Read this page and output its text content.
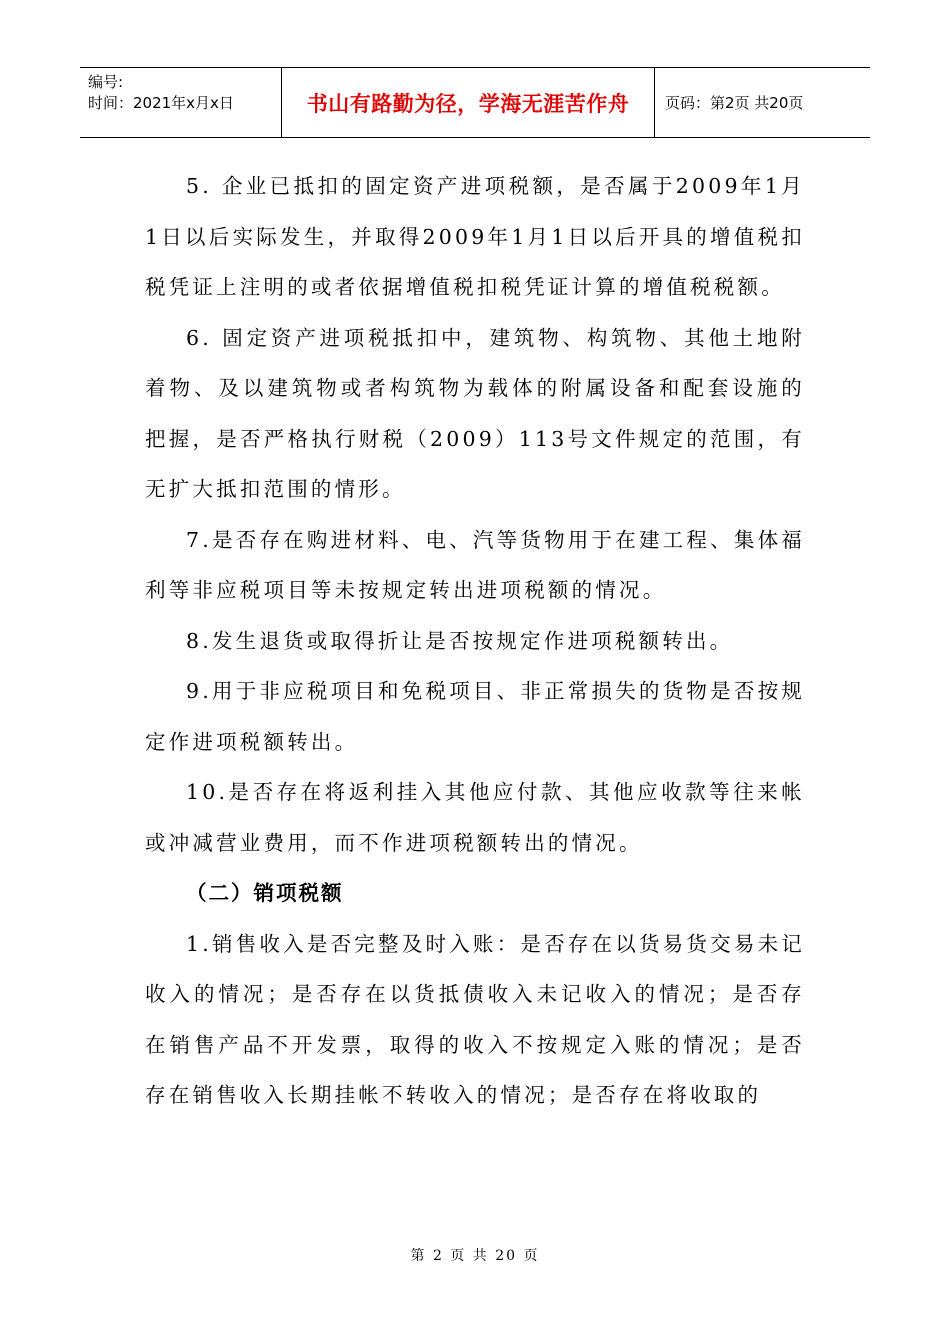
编号:
时间：2021年x月x日	书山有路勤为径，学海无涯苦作舟	页码：第2页 共20页

5. 企业已抵扣的固定资产进项税额，是否属于2009年1月1日以后实际发生，并取得2009年1月1日以后开具的增值税扣税凭证上注明的或者依据增值税扣税凭证计算的增值税税额。

6. 固定资产进项税抵扣中，建筑物、构筑物、其他土地附着物、及以建筑物或者构筑物为载体的附属设备和配套设施的把握，是否严格执行财税（2009）113号文件规定的范围，有无扩大抵扣范围的情形。

7.是否存在购进材料、电、汽等货物用于在建工程、集体福利等非应税项目等未按规定转出进项税额的情况。

8.发生退货或取得折让是否按规定作进项税额转出。

9.用于非应税项目和免税项目、非正常损失的货物是否按规定作进项税额转出。

10.是否存在将返利挂入其他应付款、其他应收款等往来帐或冲减营业费用，而不作进项税额转出的情况。

（二）销项税额

1.销售收入是否完整及时入账：是否存在以货易货交易未记收入的情况；是否存在以货抵债收入未记收入的情况；是否存在销售产品不开发票，取得的收入不按规定入账的情况；是否存在销售收入长期挂帐不转收入的情况；是否存在将收取的

第 2 页 共 20 页
